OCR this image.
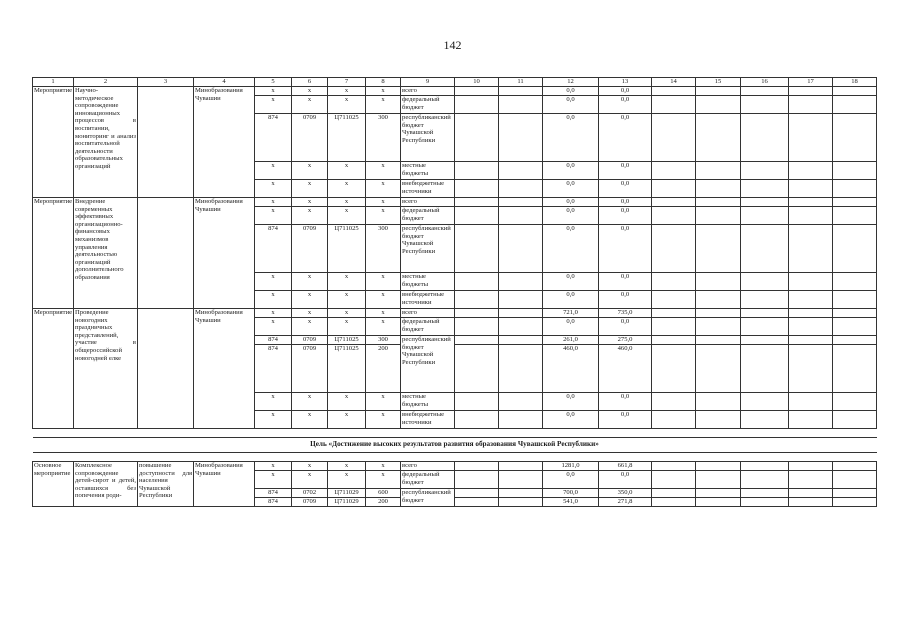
142
1	2	3	4	5	6	7	8	9	10	11	12	13	14	15	16	17	18
Мероприятие	Научно-методическое сопровождение инновационных процессов в воспитании, мониторинг и анализ воспитательной деятельности образовательных организаций		Минобразования Чувашии	х	х	х	х	всего			0,0	0,0					
				х	х	х	х	федеральный бюджет			0,0	0,0					
				874	0709	Ц711025	300	республиканский бюджет Чувашской Республики			0,0	0,0					
				х	х	х	х	местные бюджеты			0,0	0,0					
				х	х	х	х	внебюджетные источники			0,0	0,0					
Мероприятие	Внедрение современных эффективных организационно-финансовых механизмов управления деятельностью организаций дополнительного образования		Минобразования Чувашии	х	х	х	х	всего			0,0	0,0					
				х	х	х	х	федеральный бюджет			0,0	0,0					
				874	0709	Ц711025	300	республиканский бюджет Чувашской Республики			0,0	0,0					
				х	х	х	х	местные бюджеты			0,0	0,0					
				х	х	х	х	внебюджетные источники			0,0	0,0					
Мероприятие	Проведение новогодних праздничных представлений, участие в общероссийской новогодней елке		Минобразования Чувашии	х	х	х	х	всего			721,0	735,0					
				х	х	х	х	федеральный бюджет			0,0	0,0					
				874	0709	Ц711025	300	республиканский бюджет Чувашской Республики			261,0	275,0					
				874	0709	Ц711025	200				460,0	460,0					
				х	х	х	х	местные бюджеты			0,0	0,0					
				х	х	х	х	внебюджетные источники			0,0	0,0					

Цель «Достижение высоких результатов развития образования Чувашской Республики»																	

Основное мероприятие	Комплексное сопровождение детей-сирот и детей, оставшихся без попечения роди-	повышение доступности для населения Чувашской Республики	Минобразования Чувашии	х	х	х	х	всего			1281,0	661,8					
				х	х	х	х	федеральный бюджет			0,0	0,0					
				874	0702	Ц711029	600	республиканский бюджет			700,0	350,0					
				874	0709	Ц711029	200				541,0	271,8					
